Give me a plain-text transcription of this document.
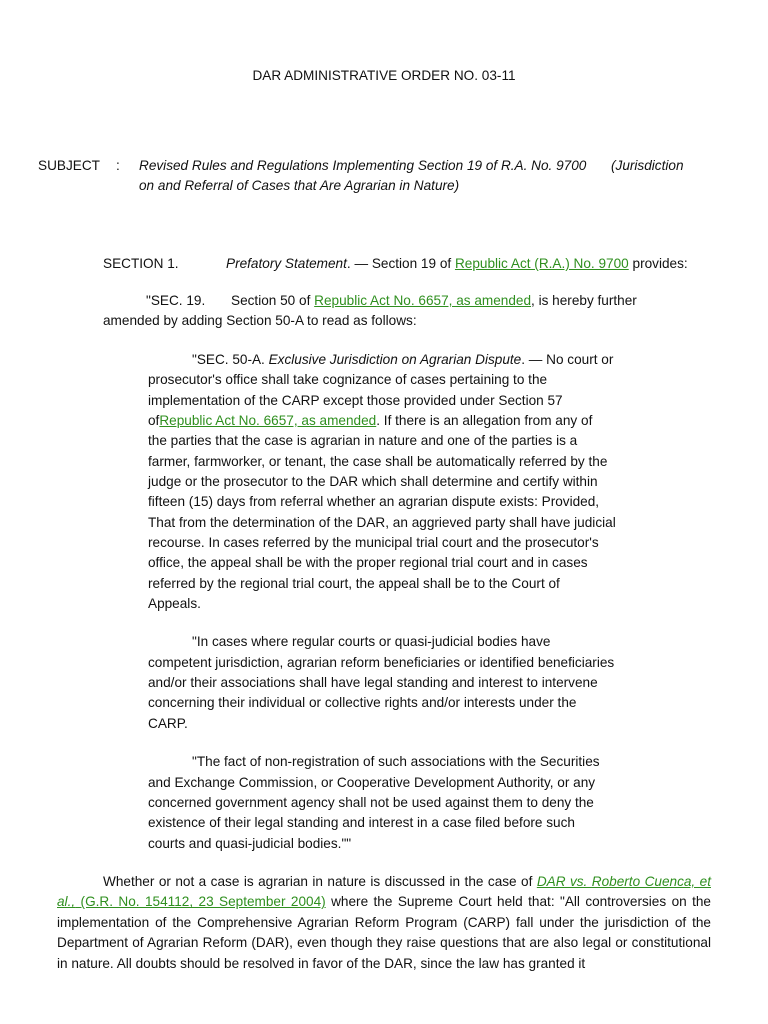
DAR ADMINISTRATIVE ORDER NO. 03-11
SUBJECT : Revised Rules and Regulations Implementing Section 19 of R.A. No. 9700 (Jurisdiction
on and Referral of Cases that Are Agrarian in Nature)
SECTION 1.	Prefatory Statement. — Section 19 of Republic Act (R.A.) No. 9700 provides:
"SEC. 19. Section 50 of Republic Act No. 6657, as amended, is hereby further
amended by adding Section 50-A to read as follows:
"SEC. 50-A. Exclusive Jurisdiction on Agrarian Dispute. — No court or
prosecutor's office shall take cognizance of cases pertaining to the
implementation of the CARP except those provided under Section 57
ofRepublic Act No. 6657, as amended. If there is an allegation from any of
the parties that the case is agrarian in nature and one of the parties is a
farmer, farmworker, or tenant, the case shall be automatically referred by the
judge or the prosecutor to the DAR which shall determine and certify within
fifteen (15) days from referral whether an agrarian dispute exists: Provided,
That from the determination of the DAR, an aggrieved party shall have judicial
recourse. In cases referred by the municipal trial court and the prosecutor's
office, the appeal shall be with the proper regional trial court and in cases
referred by the regional trial court, the appeal shall be to the Court of
Appeals.
"In cases where regular courts or quasi-judicial bodies have
competent jurisdiction, agrarian reform beneficiaries or identified beneficiaries
and/or their associations shall have legal standing and interest to intervene
concerning their individual or collective rights and/or interests under the
CARP.
"The fact of non-registration of such associations with the Securities
and Exchange Commission, or Cooperative Development Authority, or any
concerned government agency shall not be used against them to deny the
existence of their legal standing and interest in a case filed before such
courts and quasi-judicial bodies.""
Whether or not a case is agrarian in nature is discussed in the case of DAR vs. Roberto Cuenca, et al., (G.R. No. 154112, 23 September 2004) where the Supreme Court held that: "All controversies on the implementation of the Comprehensive Agrarian Reform Program (CARP) fall under the jurisdiction of the Department of Agrarian Reform (DAR), even though they raise questions that are also legal or constitutional in nature. All doubts should be resolved in favor of the DAR, since the law has granted it
